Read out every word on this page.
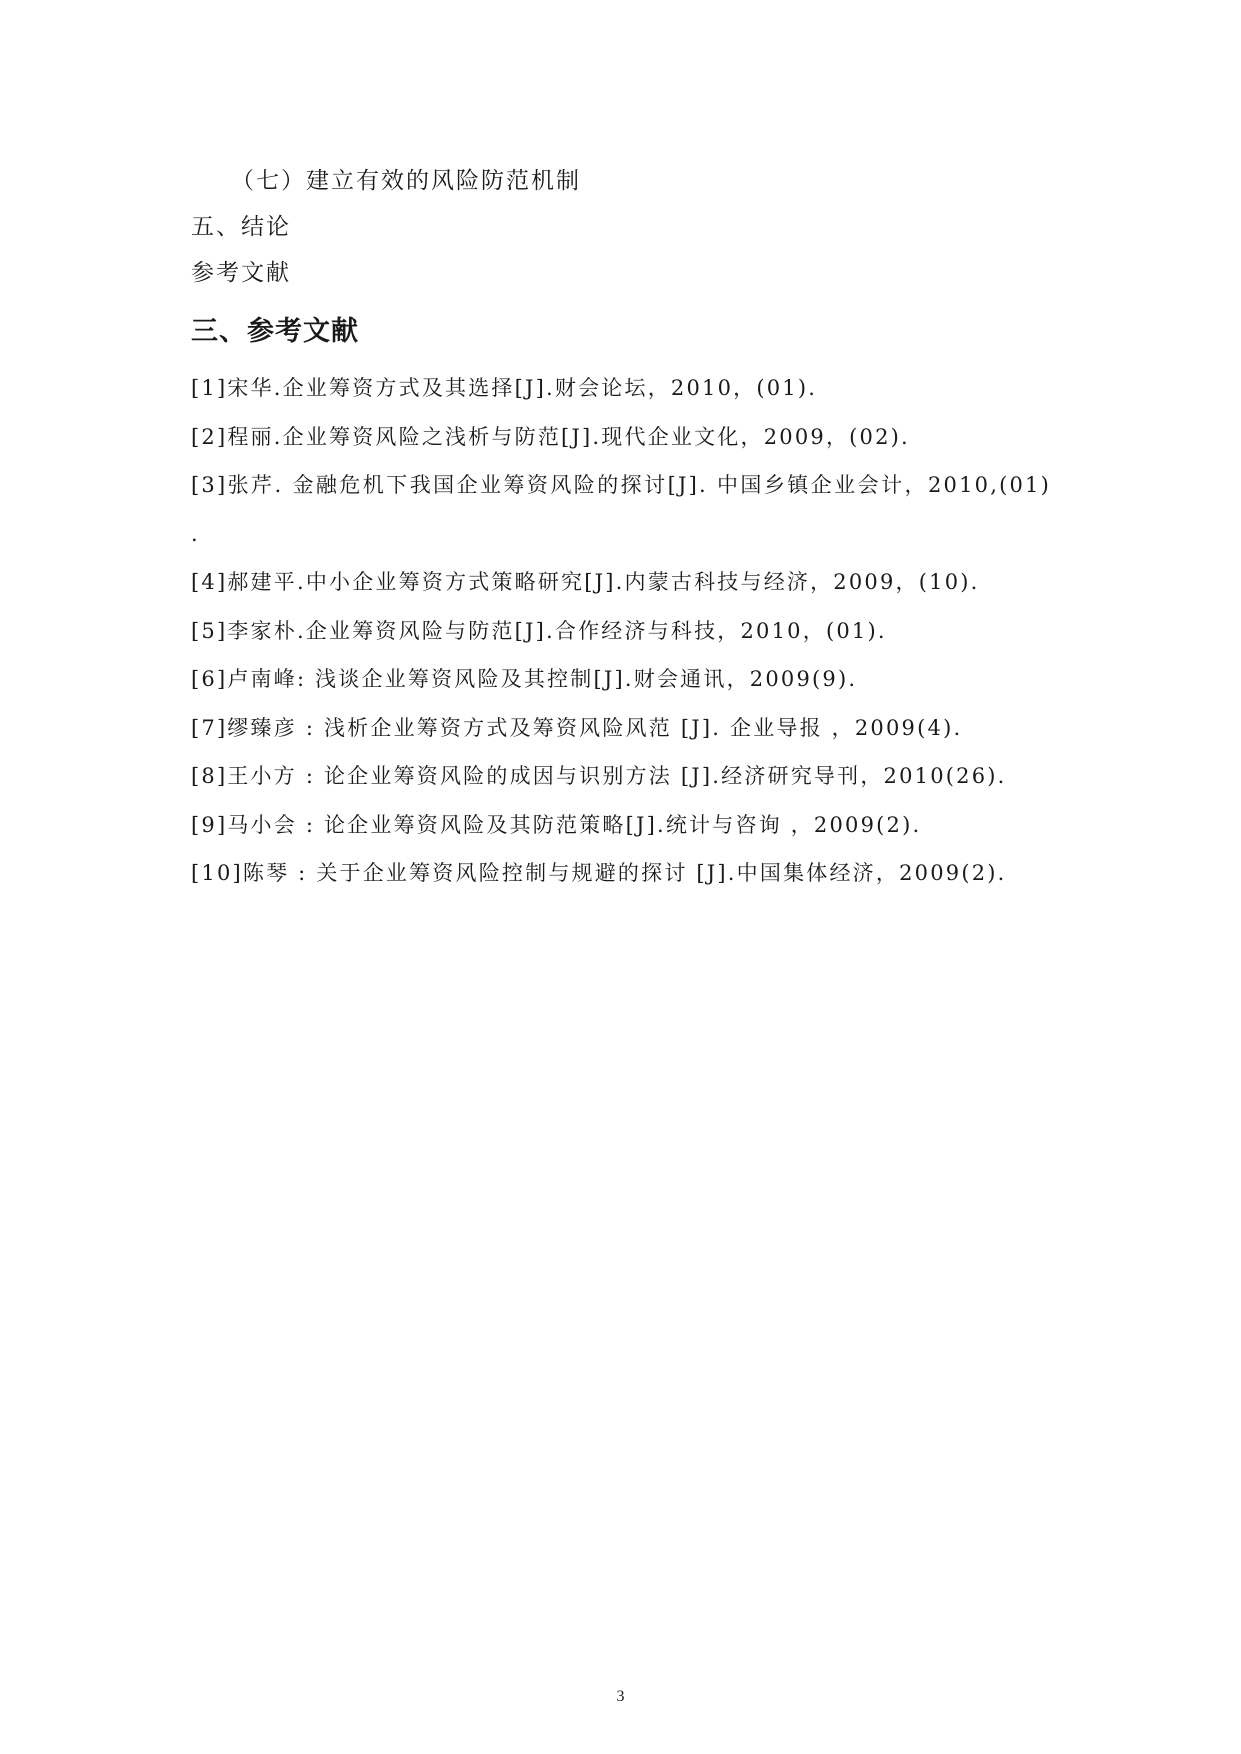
（七）建立有效的风险防范机制
五、结论
参考文献
三、参考文献

[1]宋华.企业筹资方式及其选择[J].财会论坛，2010，(01).

[2]程丽.企业筹资风险之浅析与防范[J].现代企业文化，2009，(02).

[3]张芹. 金融危机下我国企业筹资风险的探讨[J]. 中国乡镇企业会计，2010,(01) .

[4]郝建平.中小企业筹资方式策略研究[J].内蒙古科技与经济，2009，(10).

[5]李家朴.企业筹资风险与防范[J].合作经济与科技，2010，(01).

[6]卢南峰: 浅谈企业筹资风险及其控制[J].财会通讯，2009(9).

[7]缪臻彦 : 浅析企业筹资方式及筹资风险风范 [J]. 企业导报 ，2009(4).

[8]王小方 : 论企业筹资风险的成因与识别方法 [J].经济研究导刊，2010(26).

[9]马小会 : 论企业筹资风险及其防范策略[J].统计与咨询 ，2009(2).

[10]陈琴 : 关于企业筹资风险控制与规避的探讨 [J].中国集体经济，2009(2).

3
